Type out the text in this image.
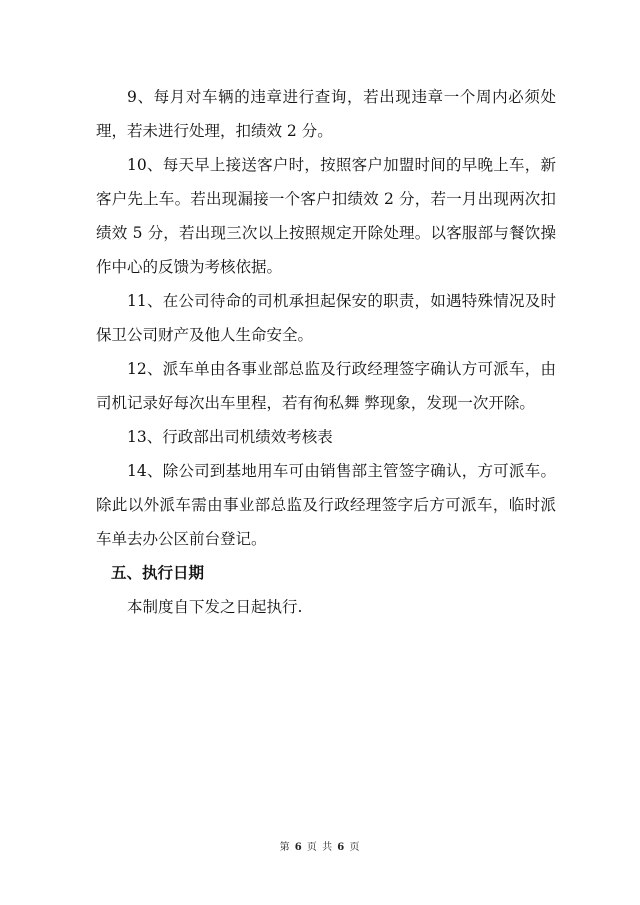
9、每月对车辆的违章进行查询，若出现违章一个周内必须处理，若未进行处理，扣绩效 2 分。

10、每天早上接送客户时，按照客户加盟时间的早晚上车，新客户先上车。若出现漏接一个客户扣绩效 2 分，若一月出现两次扣绩效 5 分，若出现三次以上按照规定开除处理。以客服部与餐饮操作中心的反馈为考核依据。

11、在公司待命的司机承担起保安的职责，如遇特殊情况及时保卫公司财产及他人生命安全。

12、派车单由各事业部总监及行政经理签字确认方可派车，由司机记录好每次出车里程，若有徇私舞 弊现象，发现一次开除。

13、行政部出司机绩效考核表

14、除公司到基地用车可由销售部主管签字确认，方可派车。除此以外派车需由事业部总监及行政经理签字后方可派车，临时派车单去办公区前台登记。

五、执行日期

本制度自下发之日起执行.

第 6 页 共 6 页
